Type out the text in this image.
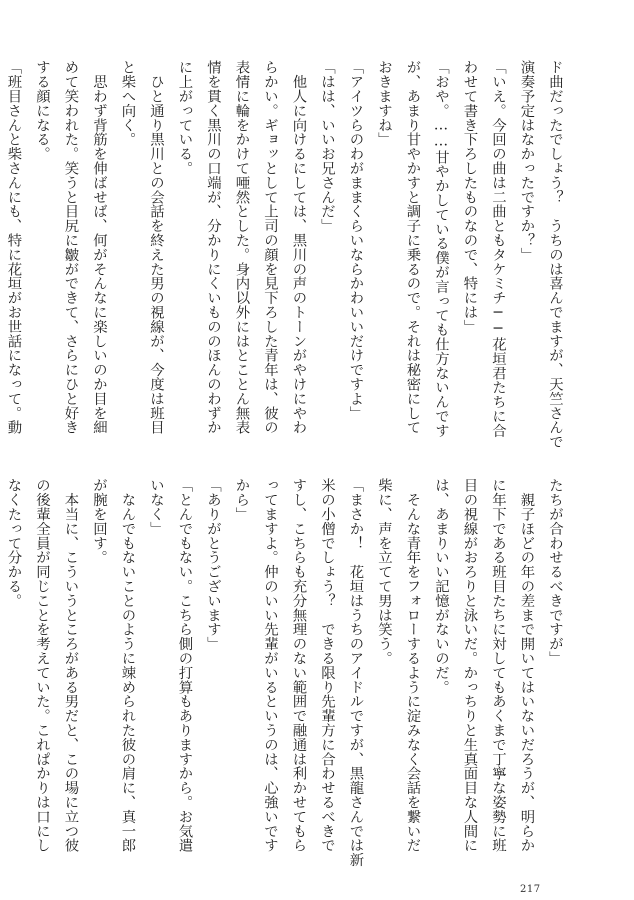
ド曲だったでしょう？　うちのは喜んでますが、天竺さんで
演奏予定はなかったですか？」
「いえ。今回の曲は二曲ともタケミチ──花垣君たちに合
わせて書き下ろしたものなので、特には」
「おや。……甘やかしている僕が言っても仕方ないんです
が、あまり甘やかすと調子に乗るので。それは秘密にして
おきますね」
「アイツらのわがままくらいならかわいいだけですよ」
「はは、いいお兄さんだ」
　他人に向けるにしては、黒川の声のトーンがやけにやわ
らかい。ギョッとして上司の顔を見下ろした青年は、彼の
表情に輪をかけて唖然とした。身内以外にはとことん無表
情を貫く黒川の口端が、分かりにくいもののほんのわずか
に上がっている。
　ひと通り黒川との会話を終えた男の視線が、今度は班目
と柴へ向く。
　思わず背筋を伸ばせば、何がそんなに楽しいのか目を細
めて笑われた。笑うと目尻に皺ができて、さらにひと好き
する顔になる。
「班目さんと柴さんにも、特に花垣がお世話になって。動
たちが合わせるべきですが」
　親子ほどの年の差まで開いてはいないだろうが、明らか
に年下である班目たちに対してもあくまで丁寧な姿勢に班
目の視線がおろりと泳いだ。かっちりと生真面目な人間に
は、あまりいい記憶がないのだ。
　そんな青年をフォローするように淀みなく会話を繋いだ
柴に、声を立てて男は笑う。
「まさか！　花垣はうちのアイドルですが、黒龍さんでは新
米の小僧でしょう？　できる限り先輩方に合わせるべきで
すし、こちらも充分無理のない範囲で融通は利かせてもら
ってますよ。仲のいい先輩がいるというのは、心強いです
から」
「ありがとうございます」
「とんでもない。こちら側の打算もありますから。お気遣
いなく」
　なんでもないことのように竦められた彼の肩に、真一郎
が腕を回す。
　本当に、こういうところがある男だと、この場に立つ彼
の後輩全員が同じことを考えていた。これぱかりは口にし
なくたって分かる。
217
